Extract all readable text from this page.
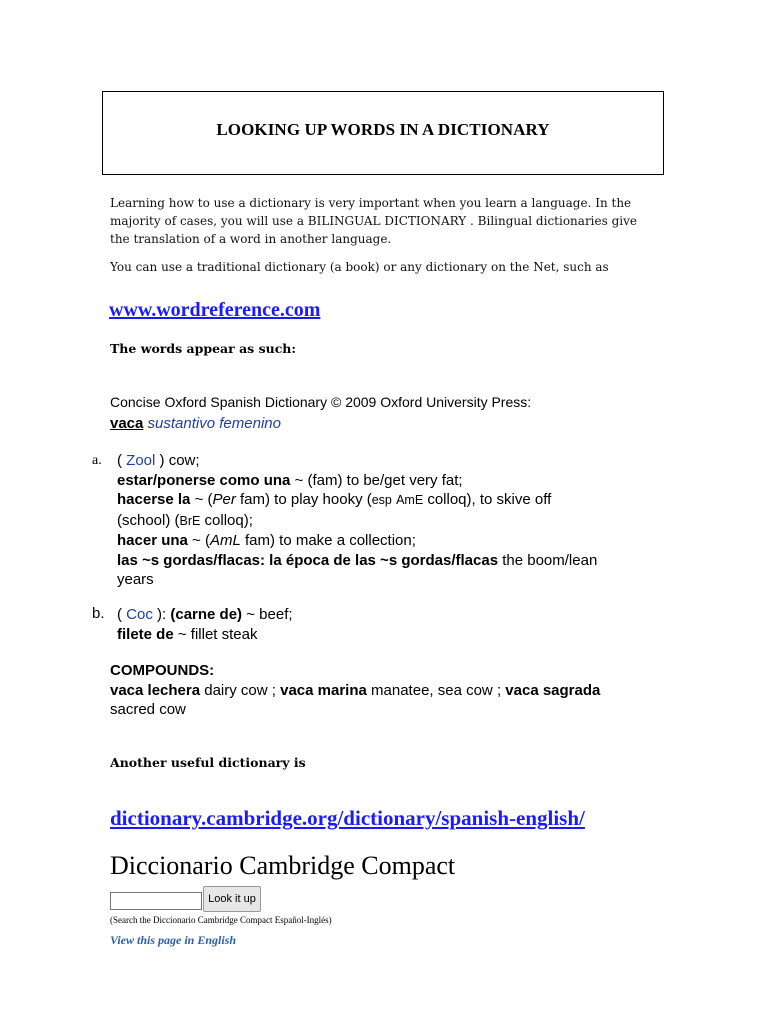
LOOKING UP WORDS IN A DICTIONARY

Learning how to use a dictionary is very important when you learn a language. In the majority of cases, you will use a BILINGUAL DICTIONARY . Bilingual dictionaries give the translation of a word in another language.

You can use a traditional dictionary (a book) or any dictionary on the Net, such as

www.wordreference.com
The words appear as such:
Concise Oxford Spanish Dictionary © 2009 Oxford University Press:
vaca sustantivo femenino
a. ( Zool ) cow;
estar/ponerse como una ~ (fam) to be/get very fat;
hacerse la ~ (Per fam) to play hooky (esp AmE colloq), to skive off
(school) (BrE colloq);
hacer una ~ (AmL fam) to make a collection;
las ~s gordas/flacas: la época de las ~s gordas/flacas the boom/lean
years
b. ( Coc ): (carne de) ~ beef;
filete de ~ fillet steak
COMPOUNDS:
vaca lechera dairy cow ; vaca marina manatee, sea cow ; vaca sagrada
sacred cow
Another useful dictionary is
dictionary.cambridge.org/dictionary/spanish-english/
Diccionario Cambridge Compact
Look it up
(Search the Diccionario Cambridge Compact Español-Inglés)
View this page in English
